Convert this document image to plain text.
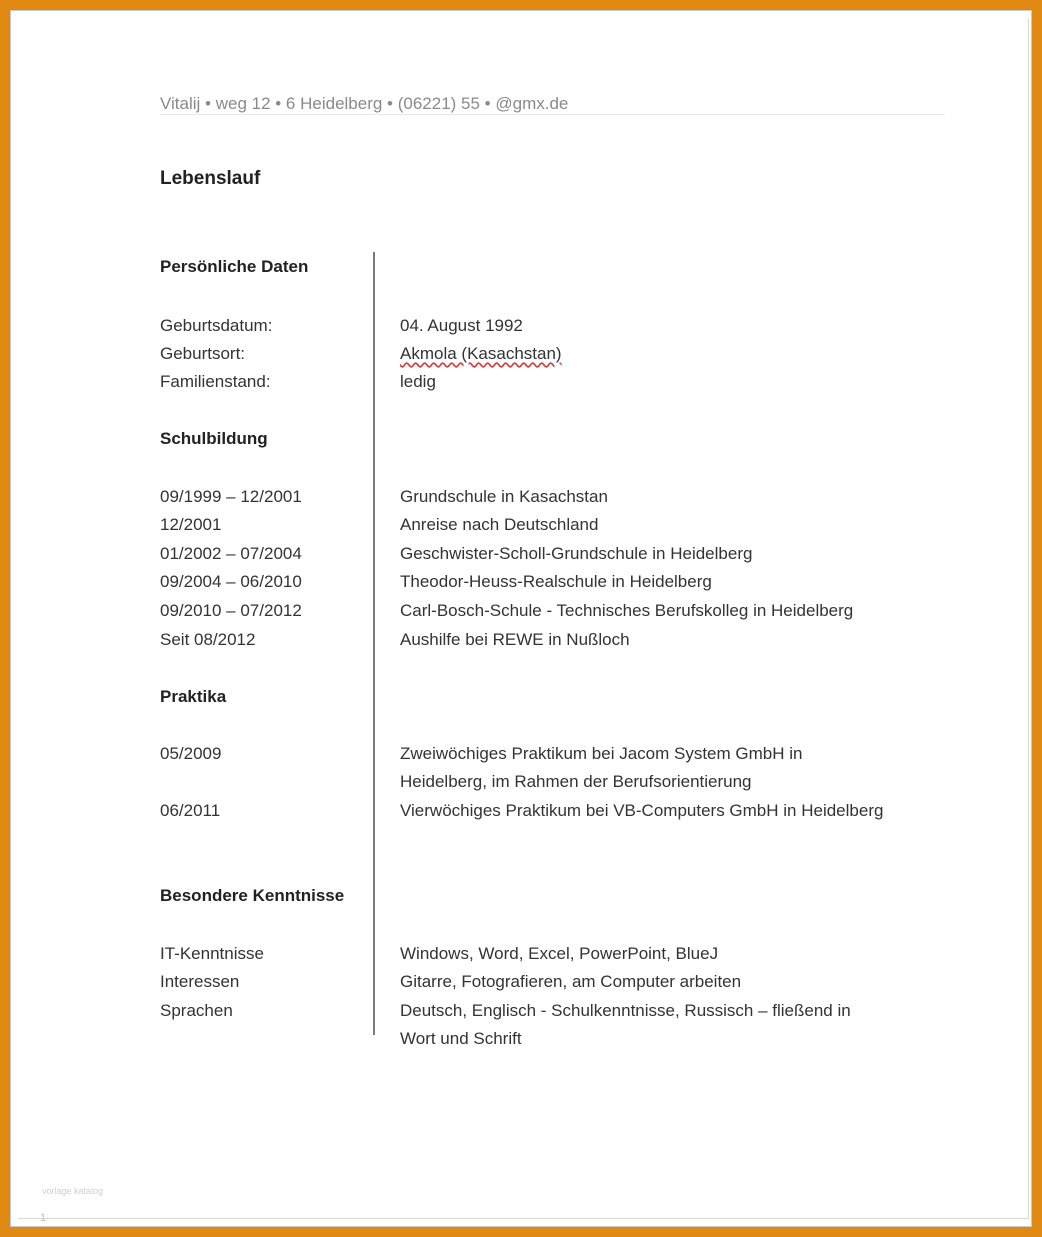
Vitalij • weg 12 • 6 Heidelberg • (06221) 55 • @gmx.de
Lebenslauf
Persönliche Daten
Geburtsdatum:	04. August 1992
Geburtsort:	Akmola (Kasachstan)
Familienstand:	ledig
Schulbildung
09/1999 – 12/2001	Grundschule in Kasachstan
12/2001	Anreise nach Deutschland
01/2002 – 07/2004	Geschwister-Scholl-Grundschule in Heidelberg
09/2004 – 06/2010	Theodor-Heuss-Realschule in Heidelberg
09/2010 – 07/2012	Carl-Bosch-Schule - Technisches Berufskolleg in Heidelberg
Seit 08/2012	Aushilfe bei REWE in Nußloch
Praktika
05/2009	Zweiwöchiges Praktikum bei Jacom System GmbH in Heidelberg, im Rahmen der Berufsorientierung
06/2011	Vierwöchiges Praktikum bei VB-Computers GmbH in Heidelberg
Besondere Kenntnisse
IT-Kenntnisse	Windows, Word, Excel, PowerPoint, BlueJ
Interessen	Gitarre, Fotografieren, am Computer arbeiten
Sprachen	Deutsch, Englisch - Schulkenntnisse, Russisch – fließend in Wort und Schrift
vorlage katalog
1
